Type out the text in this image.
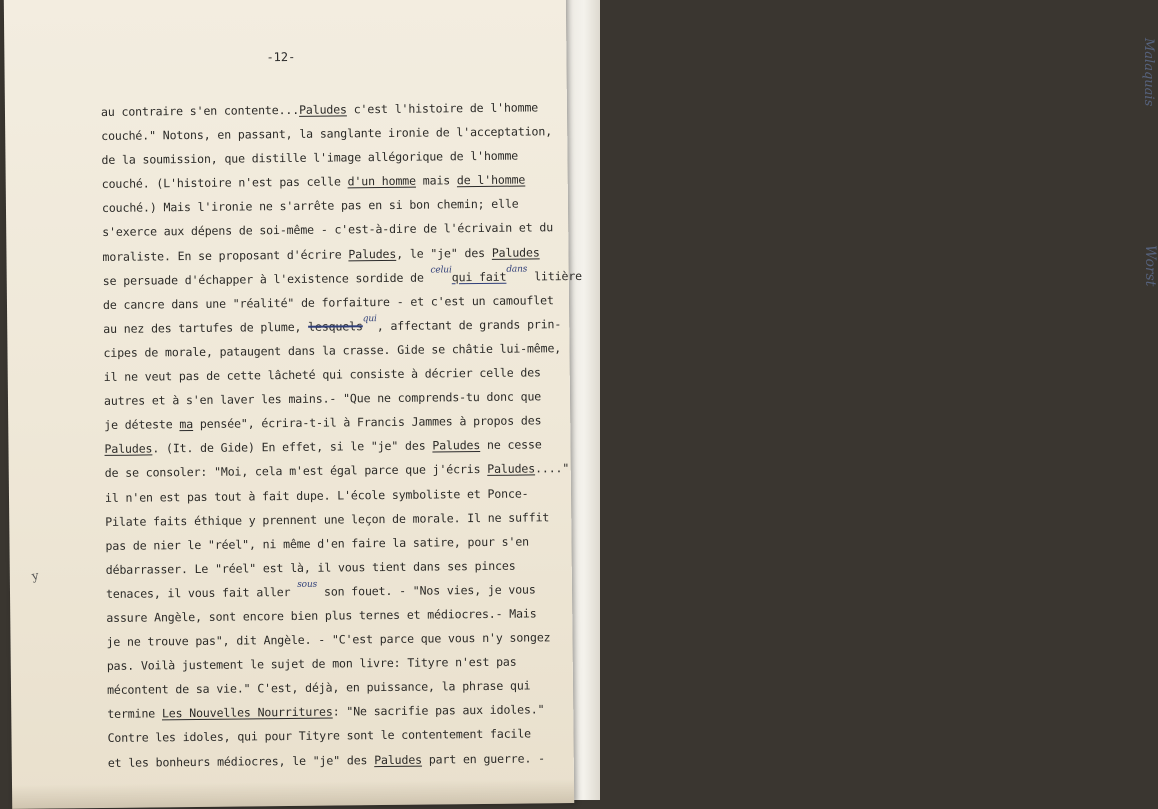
Malaquais
Worst
-12-
y
au contraire s'en contente...Paludes c'est l'histoire de l'homme
couché." Notons, en passant, la sanglante ironie de l'acceptation,
de la soumission, que distille l'image allégorique de l'homme
couché. (L'histoire n'est pas celle d'un homme mais de l'homme
couché.) Mais l'ironie ne s'arrête pas en si bon chemin; elle
s'exerce aux dépens de soi-même - c'est-à-dire de l'écrivain et du
moraliste. En se proposant d'écrire Paludes, le "je" des Paludes
se persuade d'échapper à l'existence sordide de $^{celui}$qui fait$^{dans}$ litière
de cancre dans une "réalité" de forfaiture - et c'est un camouflet
au nez des tartufes de plume, lesquels$^{qui}$, affectant de grands prin-
cipes de morale, pataugent dans la crasse. Gide se châtie lui-même,
il ne veut pas de cette lâcheté qui consiste à décrier celle des
autres et à s'en laver les mains.- "Que ne comprends-tu donc que
je déteste ma pensée", écrira-t-il à Francis Jammes à propos des
Paludes. (It. de Gide) En effet, si le "je" des Paludes ne cesse
de se consoler: "Moi, cela m'est égal parce que j'écris Paludes...."
il n'en est pas tout à fait dupe. L'école symboliste et Ponce-
Pilate faits éthique y prennent une leçon de morale. Il ne suffit
pas de nier le "réel", ni même d'en faire la satire, pour s'en
débarrasser. Le "réel" est là, il vous tient dans ses pinces
tenaces, il vous fait aller $^{sous}$ son fouet. - "Nos vies, je vous
assure Angèle, sont encore bien plus ternes et médiocres.- Mais
je ne trouve pas", dit Angèle. - "C'est parce que vous n'y songez
pas. Voilà justement le sujet de mon livre: Tityre n'est pas
mécontent de sa vie." C'est, déjà, en puissance, la phrase qui
termine Les Nouvelles Nourritures: "Ne sacrifie pas aux idoles."
Contre les idoles, qui pour Tityre sont le contentement facile
et les bonheurs médiocres, le "je" des Paludes part en guerre. -
